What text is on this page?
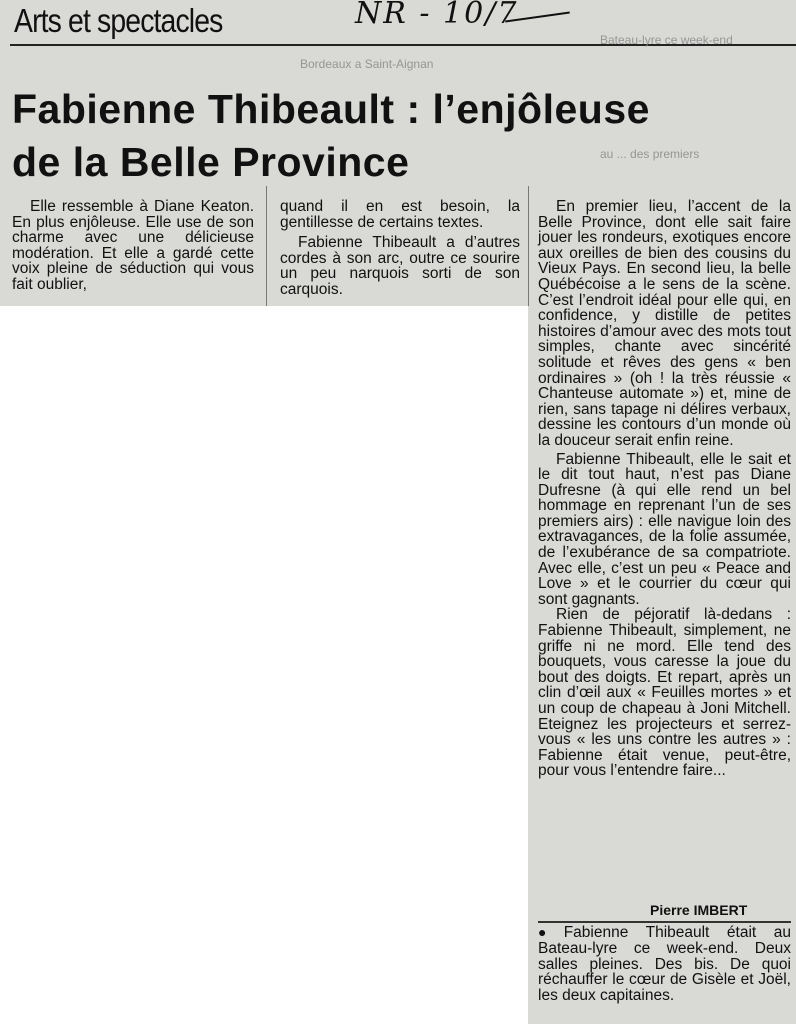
Arts et spectacles	NR - 10/7
Bateau-lyre ce week-end
Bordeaux a Saint-Aignan
au ... des premiers
Fabienne Thibeault : l’enjôleuse
de la Belle Province

Elle ressemble à Diane Keaton. En plus enjôleuse. Elle use de son charme avec une délicieuse modération. Et elle a gardé cette voix pleine de séduction qui vous fait oublier,

quand il en est besoin, la gentillesse de certains textes.

Fabienne Thibeault a d’autres cordes à son arc, outre ce sourire un peu narquois sorti de son carquois.

En premier lieu, l’accent de la Belle Province, dont elle sait faire jouer les rondeurs, exotiques encore aux oreilles de bien des cousins du Vieux Pays. En second lieu, la belle Québécoise a le sens de la scène. C’est l’endroit idéal pour elle qui, en confidence, y distille de petites histoires d’amour avec des mots tout simples, chante avec sincérité solitude et rêves des gens « ben ordinaires » (oh ! la très réussie « Chanteuse automate ») et, mine de rien, sans tapage ni délires verbaux, dessine les contours d’un monde où la douceur serait enfin reine.

Fabienne Thibeault, elle le sait et le dit tout haut, n’est pas Diane Dufresne (à qui elle rend un bel hommage en reprenant l’un de ses premiers airs) : elle navigue loin des extravagances, de la folie assumée, de l’exubérance de sa compatriote. Avec elle, c’est un peu « Peace and Love » et le courrier du cœur qui sont gagnants.

Rien de péjoratif là-dedans : Fabienne Thibeault, simplement, ne griffe ni ne mord. Elle tend des bouquets, vous caresse la joue du bout des doigts. Et repart, après un clin d’œil aux « Feuilles mortes » et un coup de chapeau à Joni Mitchell. Eteignez les projecteurs et serrez-vous « les uns contre les autres » : Fabienne était venue, peut-être, pour vous l’entendre faire...

Pierre IMBERT
● Fabienne Thibeault était au Bateau-lyre ce week-end. Deux salles pleines. Des bis. De quoi réchauffer le cœur de Gisèle et Joël, les deux capitaines.
